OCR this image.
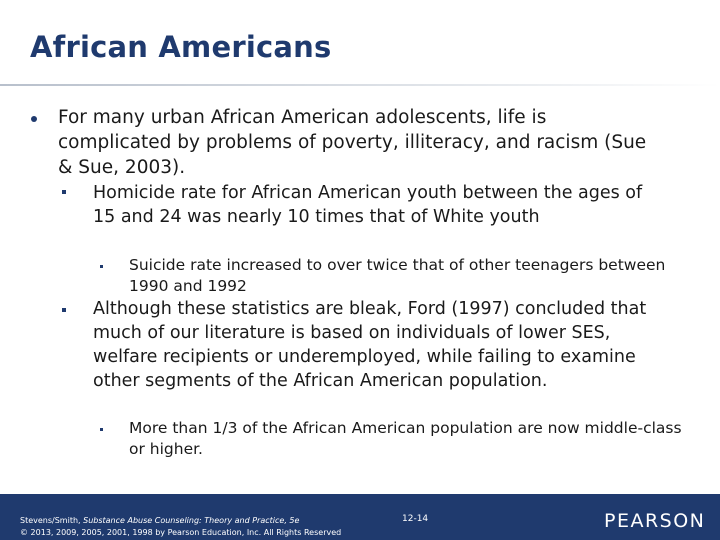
African Americans
For many urban African American adolescents, life is complicated by problems of poverty, illiteracy, and racism (Sue & Sue, 2003).
Homicide rate for African American youth between the ages of 15 and 24 was nearly 10 times that of White youth
Suicide rate increased to over twice that of other teenagers between 1990 and 1992
Although these statistics are bleak, Ford (1997) concluded that much of our literature is based on individuals of lower SES, welfare recipients or underemployed, while failing to examine other segments of the African American population.
More than 1/3 of the African American population are now middle-class or higher.
Stevens/Smith, Substance Abuse Counseling: Theory and Practice, 5e
© 2013, 2009, 2005, 2001, 1998 by Pearson Education, Inc. All Rights Reserved
12-14	PEARSON
